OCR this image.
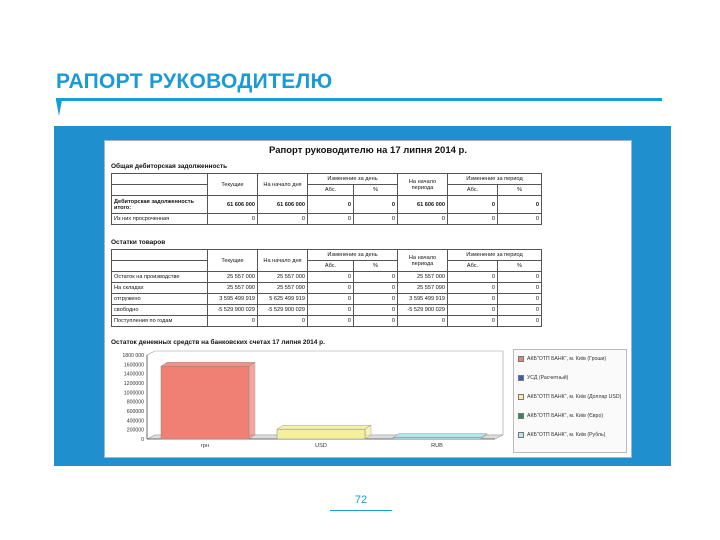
РАПОРТ РУКОВОДИТЕЛЮ
Рапорт руководителю на 17 липня 2014 р.
Общая дебиторская задолженность
	Текущие	На начало дня	Изменение за день		На начало периода	Изменение за период	
			Абс.	%		Абс.	%
Дебиторская задолженность итого:	61 606 000	61 606 000	0	0	61 606 000	0	0
Из них просроченная	0	0	0	0	0	0	0
Остатки товаров
	Текущие	На начало дня	Изменение за день		На начало периода	Изменение за период	
			Абс.	%		Абс.	%
Остаток на производстве	25 557 000	25 557 000	0	0	25 557 000	0	0
На складах	25 557 090	25 557 090	0	0	25 557 090	0	0
отгружено	3 595 499 919	5 625 499 919	0	0	3 595 499 919	0	0
свободно	-5 529 900 029	-5 529 900 029	0	0	-5 529 900 029	0	0
Поступления по годам	0	0	0	0	0	0	0
Остаток денежных средств на банковских счетах 17 липня 2014 р.
1800 000
1600000
1400000
1200000
1000000
800000
600000
400000
200000
0
грн	USD	RUB
АКБ"ОТП БАНК", м. Київ (Гроши)
УСД (Расчетный)
АКБ"ОТП БАНК", м. Київ (Доллар USD)
АКБ"ОТП БАНК", м. Київ (Євро)
АКБ"ОТП БАНК", м. Київ (Рубль)
72
